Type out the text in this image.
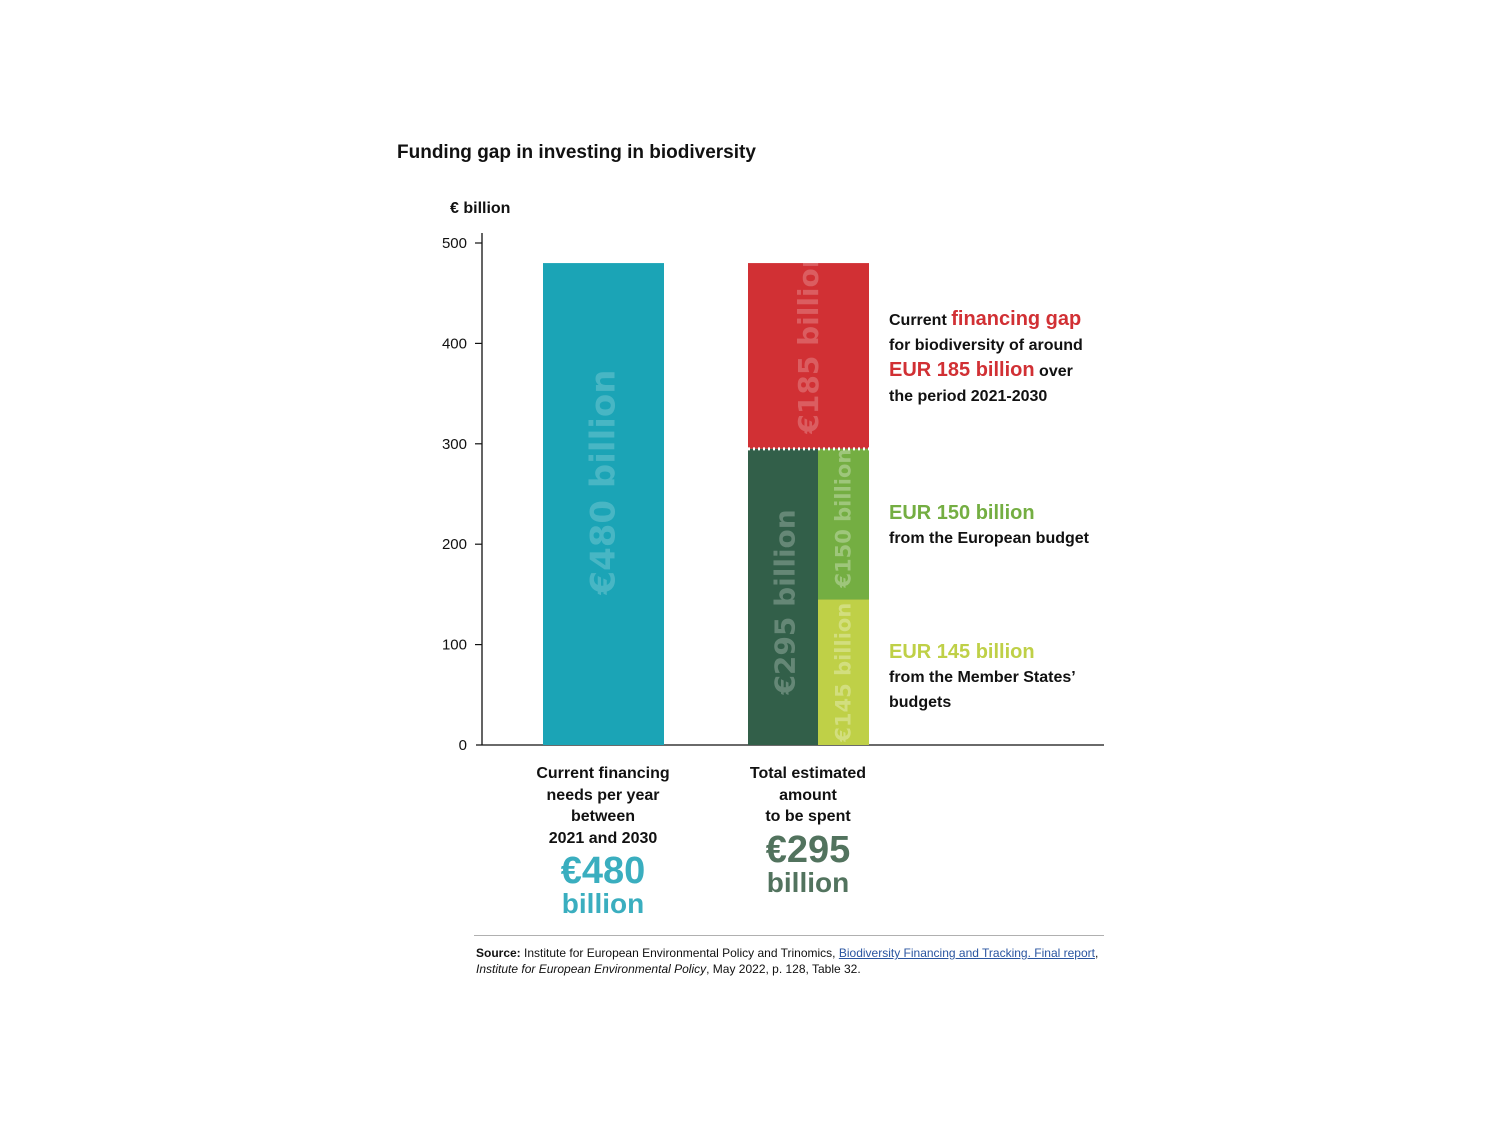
Funding gap in investing in biodiversity
€ billion
0
100
200
300
400
500
€480 billion
€185 billion
€295 billion €145 billion
€150 billion
Current financing
needs per year
between
2021 and 2030
€480
billion
Total estimated
amount
to be spent
€295
billion
Current financing gap
for biodiversity of around
EUR 185 billion over
the period 2021-2030
EUR 150 billion
from the European budget
EUR 145 billion
from the Member States’
budgets
Source: Institute for European Environmental Policy and Trinomics, Biodiversity Financing and Tracking. Final report, Institute for European Environmental Policy, May 2022, p. 128, Table 32.
